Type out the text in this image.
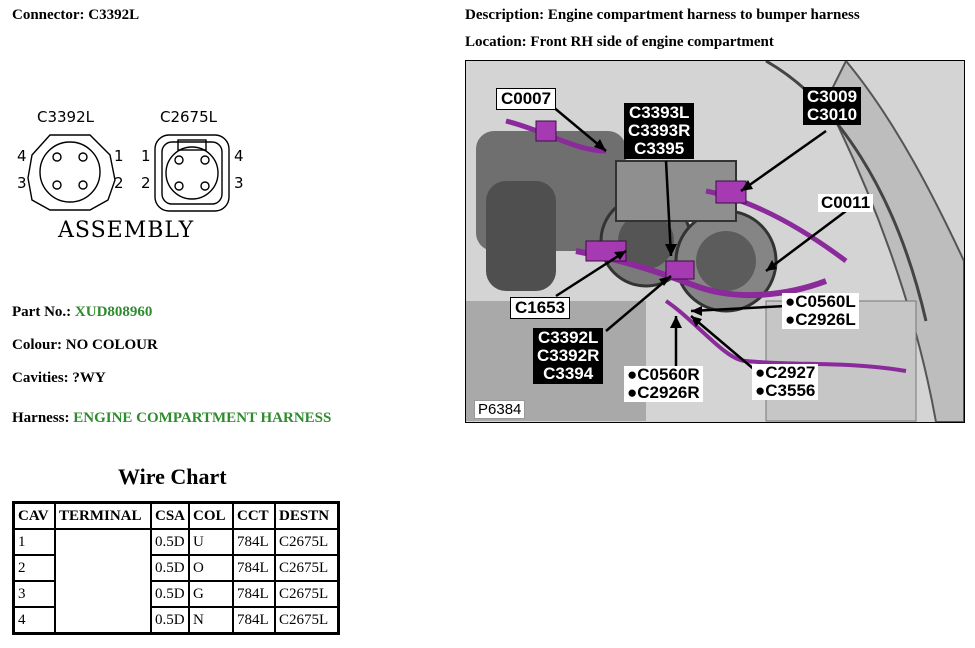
Connector: C3392L	Description: Engine compartment harness to bumper harness
Location: Front RH side of engine compartment
C3392L	C2675L
4	1
3	2
1	4
2	3
ASSEMBLY
Part No.: XUD808960
Colour: NO COLOUR
Cavities: ?WY
Harness: ENGINE COMPARTMENT HARNESS
C0007
C3393L
C3393R
C3395
C3009
C3010
C0011
C1653	●C0560L
●C2926L
C3392L
C3392R
C3394	●C0560R
●C2926R
●C2927
●C3556
P6384
Wire Chart
CAV	TERMINAL	CSA	COL	CCT	DESTN
1		0.5D	U	784L	C2675L
2		0.5D	O	784L	C2675L
3		0.5D	G	784L	C2675L
4		0.5D	N	784L	C2675L
